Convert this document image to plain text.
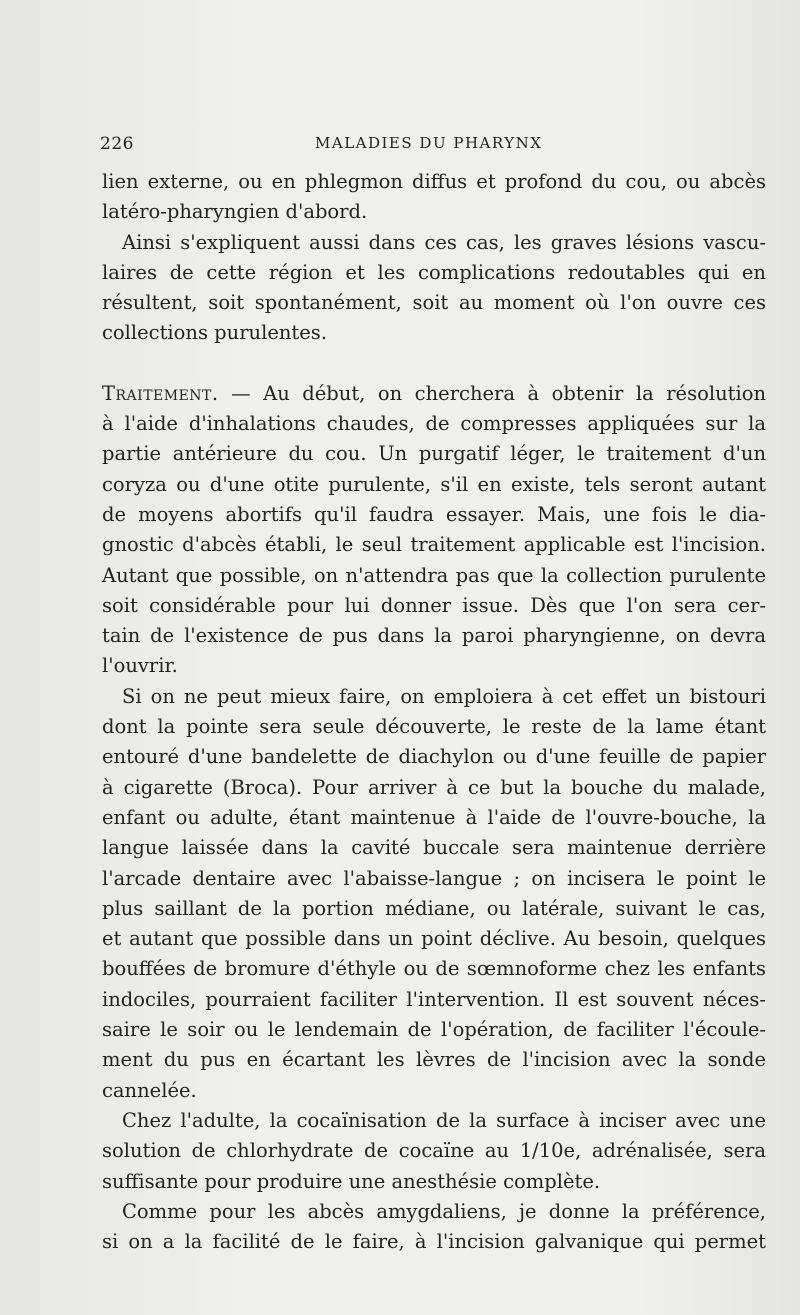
226	MALADIES DU PHARYNX
lien externe, ou en phlegmon diffus et profond du cou, ou abcès
latéro-pharyngien d'abord.
Ainsi s'expliquent aussi dans ces cas, les graves lésions vascu-
laires de cette région et les complications redoutables qui en
résultent, soit spontanément, soit au moment où l'on ouvre ces
collections purulentes.
Traitement. — Au début, on cherchera à obtenir la résolution
à l'aide d'inhalations chaudes, de compresses appliquées sur la
partie antérieure du cou. Un purgatif léger, le traitement d'un
coryza ou d'une otite purulente, s'il en existe, tels seront autant
de moyens abortifs qu'il faudra essayer. Mais, une fois le dia-
gnostic d'abcès établi, le seul traitement applicable est l'incision.
Autant que possible, on n'attendra pas que la collection purulente
soit considérable pour lui donner issue. Dès que l'on sera cer-
tain de l'existence de pus dans la paroi pharyngienne, on devra
l'ouvrir.
Si on ne peut mieux faire, on emploiera à cet effet un bistouri
dont la pointe sera seule découverte, le reste de la lame étant
entouré d'une bandelette de diachylon ou d'une feuille de papier
à cigarette (Broca). Pour arriver à ce but la bouche du malade,
enfant ou adulte, étant maintenue à l'aide de l'ouvre-bouche, la
langue laissée dans la cavité buccale sera maintenue derrière
l'arcade dentaire avec l'abaisse-langue ; on incisera le point le
plus saillant de la portion médiane, ou latérale, suivant le cas,
et autant que possible dans un point déclive. Au besoin, quelques
bouffées de bromure d'éthyle ou de sœmnoforme chez les enfants
indociles, pourraient faciliter l'intervention. Il est souvent néces-
saire le soir ou le lendemain de l'opération, de faciliter l'écoule-
ment du pus en écartant les lèvres de l'incision avec la sonde
cannelée.
Chez l'adulte, la cocaïnisation de la surface à inciser avec une
solution de chlorhydrate de cocaïne au 1/10e, adrénalisée, sera
suffisante pour produire une anesthésie complète.
Comme pour les abcès amygdaliens, je donne la préférence,
si on a la facilité de le faire, à l'incision galvanique qui permet
